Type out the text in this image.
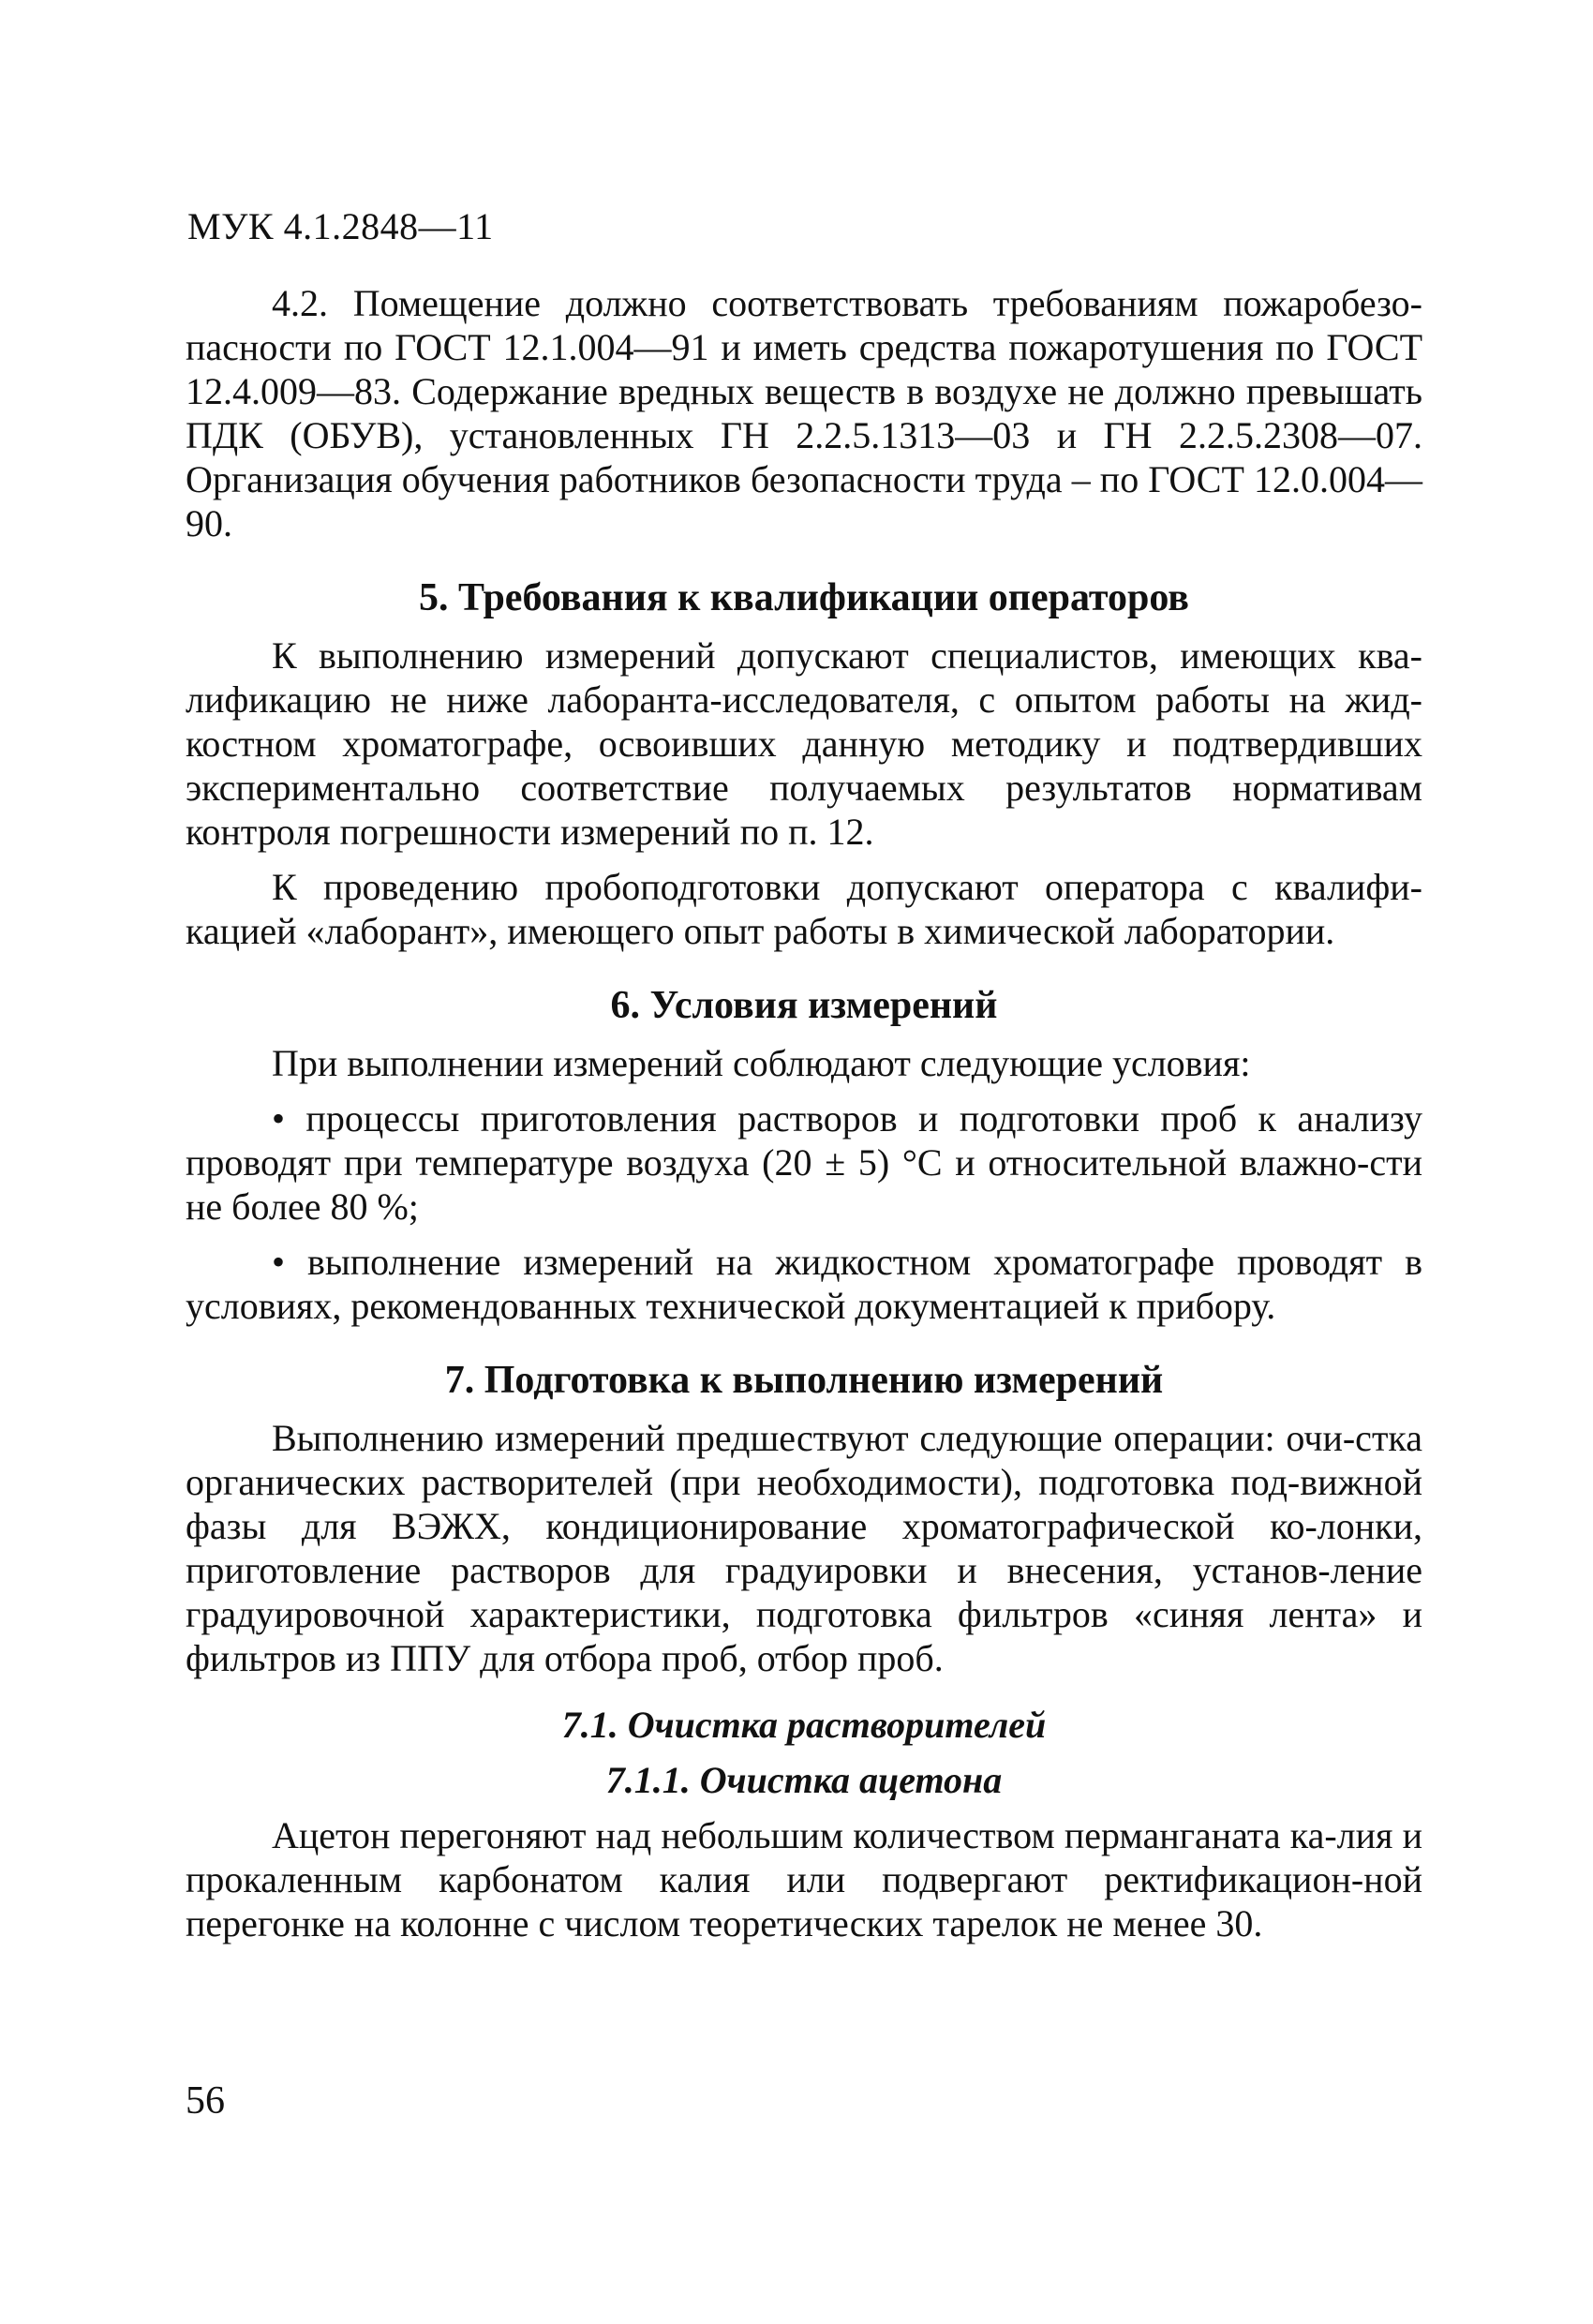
МУК 4.1.2848—11

4.2. Помещение должно соответствовать требованиям пожаробезо-пасности по ГОСТ 12.1.004—91 и иметь средства пожаротушения по ГОСТ 12.4.009—83. Содержание вредных веществ в воздухе не должно превышать ПДК (ОБУВ), установленных ГН 2.2.5.1313—03 и ГН 2.2.5.2308—07. Организация обучения работников безопасности труда – по ГОСТ 12.0.004—90.

5. Требования к квалификации операторов

К выполнению измерений допускают специалистов, имеющих ква-лификацию не ниже лаборанта-исследователя, с опытом работы на жид-костном хроматографе, освоивших данную методику и подтвердивших экспериментально соответствие получаемых результатов нормативам контроля погрешности измерений по п. 12.

К проведению пробоподготовки допускают оператора с квалифи-кацией «лаборант», имеющего опыт работы в химической лаборатории.

6. Условия измерений

При выполнении измерений соблюдают следующие условия:

• процессы приготовления растворов и подготовки проб к анализу проводят при температуре воздуха (20 ± 5) °С и относительной влажно-сти не более 80 %;

• выполнение измерений на жидкостном хроматографе проводят в условиях, рекомендованных технической документацией к прибору.

7. Подготовка к выполнению измерений

Выполнению измерений предшествуют следующие операции: очи-стка органических растворителей (при необходимости), подготовка под-вижной фазы для ВЭЖХ, кондиционирование хроматографической ко-лонки, приготовление растворов для градуировки и внесения, установ-ление градуировочной характеристики, подготовка фильтров «синяя лента» и фильтров из ППУ для отбора проб, отбор проб.

7.1. Очистка растворителей
7.1.1. Очистка ацетона

Ацетон перегоняют над небольшим количеством перманганата ка-лия и прокаленным карбонатом калия или подвергают ректификацион-ной перегонке на колонне с числом теоретических тарелок не менее 30.

56
